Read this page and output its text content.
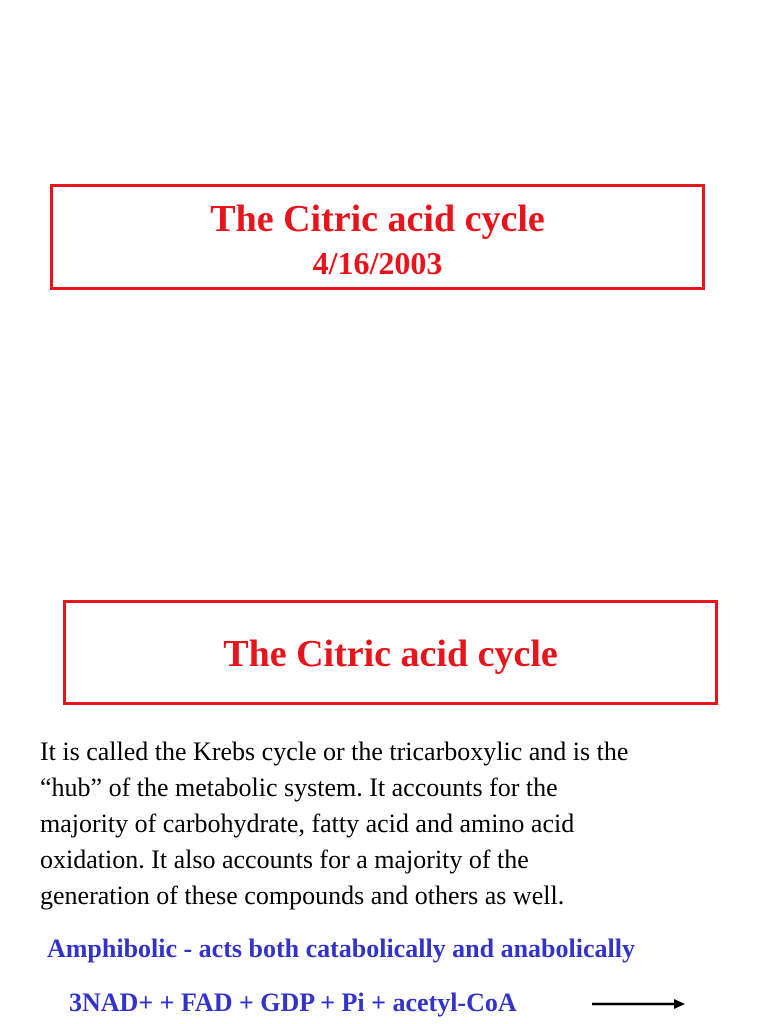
The Citric acid cycle
4/16/2003
The Citric acid cycle
It is called the Krebs cycle or the tricarboxylic and is the
“hub” of the metabolic system. It accounts for the
majority of carbohydrate, fatty acid and amino acid
oxidation. It also accounts for a majority of the
generation of these compounds and others as well.
Amphibolic - acts both catabolically and anabolically
3NAD+ + FAD + GDP + Pi + acetyl-CoA
